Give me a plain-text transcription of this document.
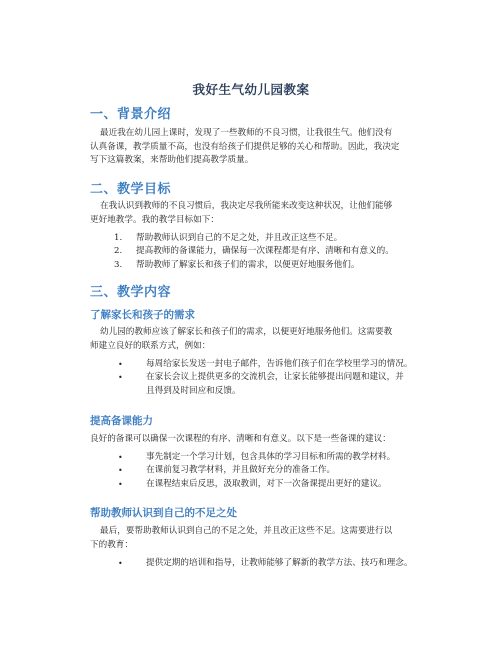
我好生气幼儿园教案
一、背景介绍
最近我在幼儿园上课时，发现了一些教师的不良习惯，让我很生气。他们没有
认真备课，教学质量不高，也没有给孩子们提供足够的关心和帮助。因此，我决定
写下这篇教案，来帮助他们提高教学质量。
二、教学目标
在我认识到教师的不良习惯后，我决定尽我所能来改变这种状况，让他们能够
更好地教学。我的教学目标如下：
1.	帮助教师认识到自己的不足之处，并且改正这些不足。
2.	提高教师的备课能力，确保每一次课程都是有序、清晰和有意义的。
3.	帮助教师了解家长和孩子们的需求，以便更好地服务他们。
三、教学内容
了解家长和孩子的需求
幼儿园的教师应该了解家长和孩子们的需求，以便更好地服务他们。这需要教
师建立良好的联系方式，例如：
•	每周给家长发送一封电子邮件，告诉他们孩子们在学校里学习的情况。
•	在家长会议上提供更多的交流机会，让家长能够提出问题和建议，并
且得到及时回应和反馈。
提高备课能力
良好的备课可以确保一次课程的有序、清晰和有意义。以下是一些备课的建议：
•	事先制定一个学习计划，包含具体的学习目标和所需的教学材料。
•	在课前复习教学材料，并且做好充分的准备工作。
•	在课程结束后反思，汲取教训，对下一次备课提出更好的建议。
帮助教师认识到自己的不足之处
最后，要帮助教师认识到自己的不足之处，并且改正这些不足。这需要进行以
下的教育：
•	提供定期的培训和指导，让教师能够了解新的教学方法、技巧和理念。
